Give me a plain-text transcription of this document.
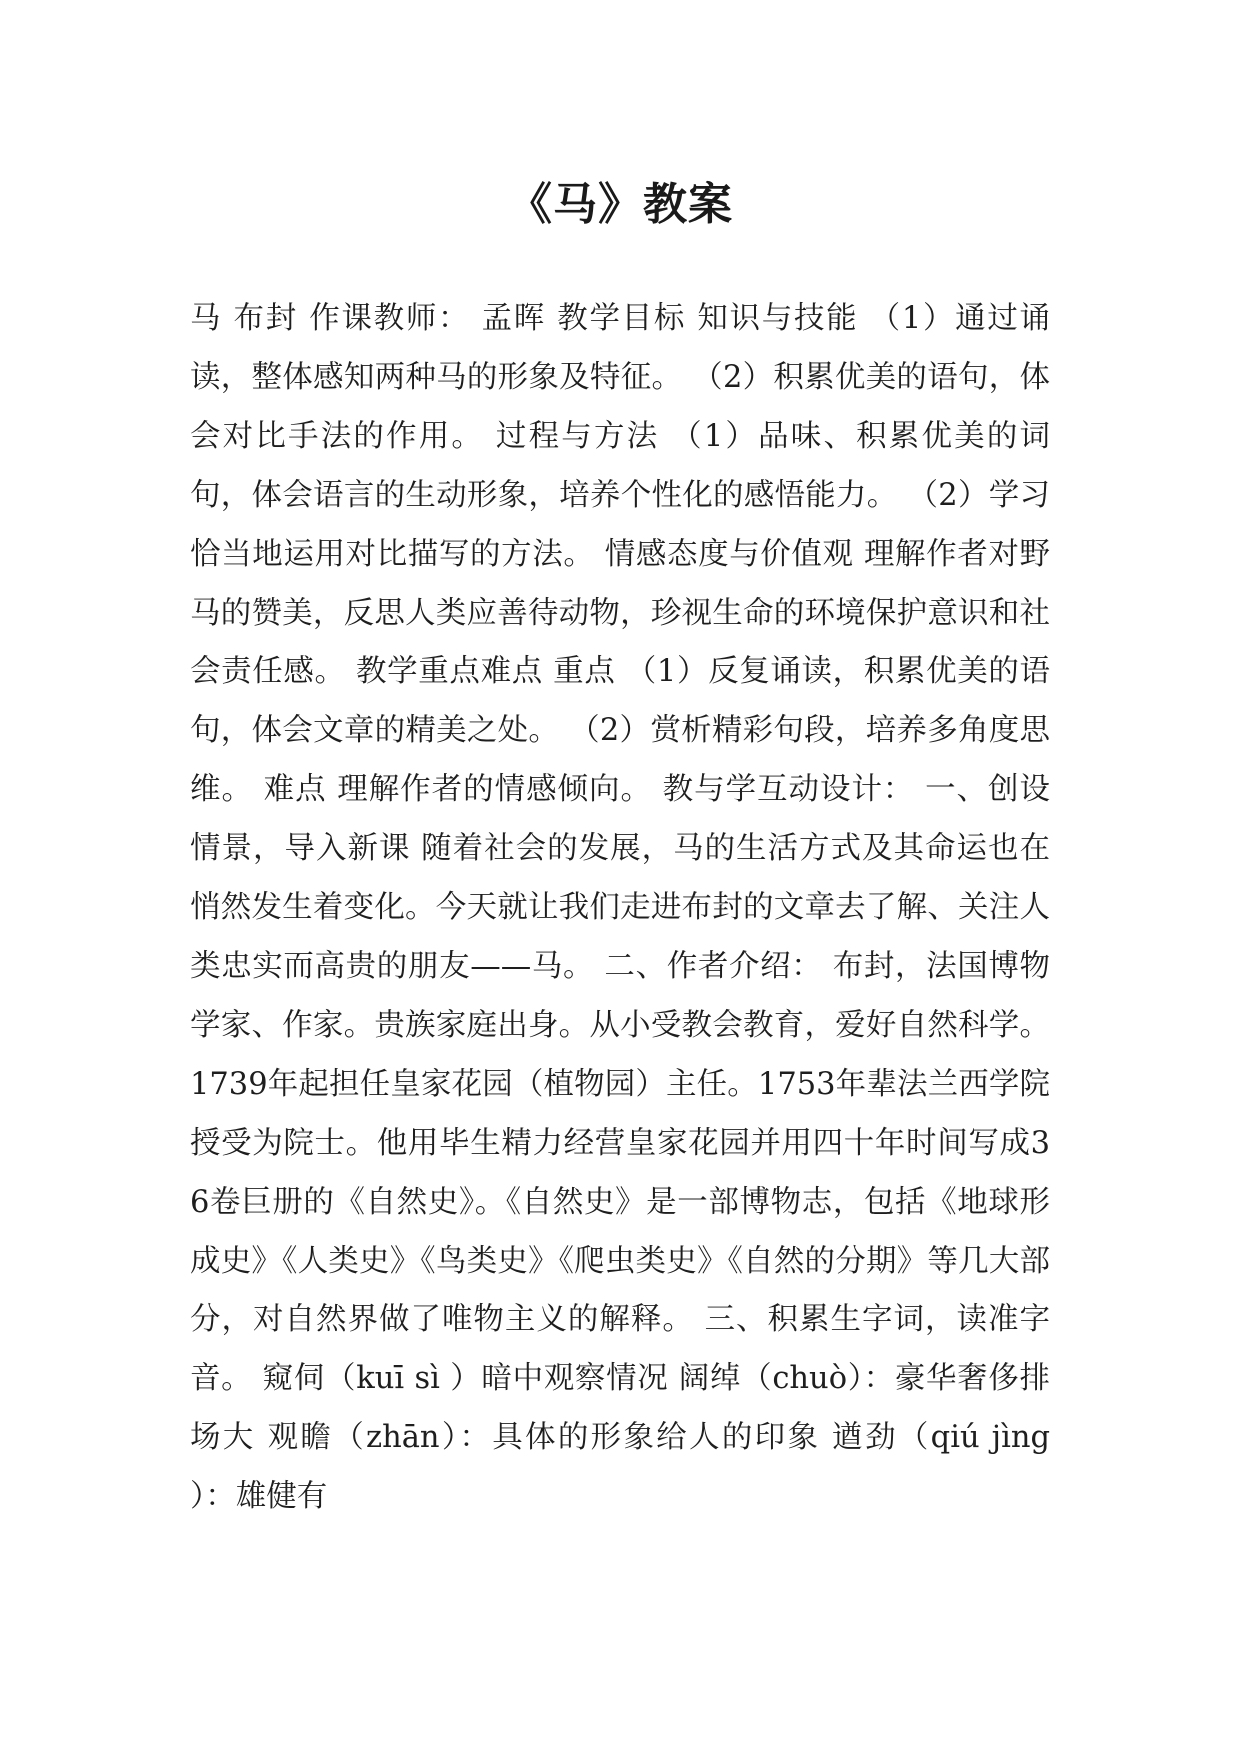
《马》教案

马 布封 作课教师： 孟晖 教学目标 知识与技能 （1）通过诵读，整体感知两种马的形象及特征。 （2）积累优美的语句，体会对比手法的作用。 过程与方法 （1）品味、积累优美的词句，体会语言的生动形象，培养个性化的感悟能力。 （2）学习恰当地运用对比描写的方法。 情感态度与价值观 理解作者对野马的赞美，反思人类应善待动物，珍视生命的环境保护意识和社会责任感。 教学重点难点 重点 （1）反复诵读，积累优美的语句，体会文章的精美之处。 （2）赏析精彩句段，培养多角度思维。 难点 理解作者的情感倾向。 教与学互动设计： 一、创设情景，导入新课 随着社会的发展，马的生活方式及其命运也在悄然发生着变化。今天就让我们走进布封的文章去了解、关注人类忠实而高贵的朋友——马。 二、作者介绍： 布封，法国博物学家、作家。贵族家庭出身。从小受教会教育，爱好自然科学。1739年起担任皇家花园（植物园）主任。1753年辈法兰西学院授受为院士。他用毕生精力经营皇家花园并用四十年时间写成36卷巨册的《自然史》。《自然史》是一部博物志，包括《地球形成史》《人类史》《鸟类史》《爬虫类史》《自然的分期》等几大部分，对自然界做了唯物主义的解释。 三、积累生字词，读准字音。 窥伺（kuī sì ）暗中观察情况 阔绰（chuò）：豪华奢侈排场大 观瞻（zhān）：具体的形象给人的印象 遒劲（qiú jìng ）：雄健有
